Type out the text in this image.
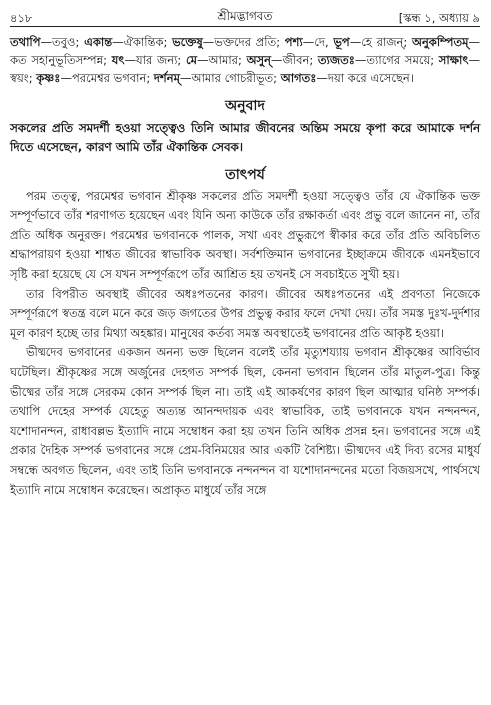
৪১৮	শ্রীমদ্ভাগবত	[স্কন্ধ ১, অধ্যায় ৯
তথাপি—তবুও; একান্ত—ঐকান্তিক; ভক্তেষু—ভক্তদের প্রতি; পশ্য—দে, ভূপ—হে রাজন্; অনুকম্পিতম্—কত সহানুভূতিসম্পন্ন; যৎ—যার জন্য; মে—আমার; অসুন্—জীবন; ত্যজতঃ—ত্যাগের সময়ে; সাক্ষাৎ—স্বয়ং; কৃষ্ণঃ—পরমেশ্বর ভগবান; দর্শনম্—আমার গোচরীভূত; আগতঃ—দয়া করে এসেছেন।
অনুবাদ
সকলের প্রতি সমদর্শী হওয়া সত্ত্বেও তিনি আমার জীবনের অন্তিম সময়ে কৃপা করে আমাকে দর্শন দিতে এসেছেন, কারণ আমি তাঁর ঐকান্তিক সেবক।
তাৎপর্য

পরম তত্ত্ব, পরমেশ্বর ভগবান শ্রীকৃষ্ণ সকলের প্রতি সমদর্শী হওয়া সত্ত্বেও তাঁর যে ঐকান্তিক ভক্ত সম্পূর্ণভাবে তাঁর শরণাগত হয়েছেন এবং যিনি অন্য কাউকে তাঁর রক্ষাকর্তা এবং প্রভু বলে জানেন না, তাঁর প্রতি অধিক অনুরক্ত। পরমেশ্বর ভগবানকে পালক, সখা এবং প্রভুরূপে স্বীকার করে তাঁর প্রতি অবিচলিত শ্রদ্ধাপরায়ণ হওয়া শাশ্বত জীবের স্বাভাবিক অবস্থা। সর্বশক্তিমান ভগবানের ইচ্ছাক্রমে জীবকে এমনইভাবে সৃষ্টি করা হয়েছে যে সে যখন সম্পূর্ণরূপে তাঁর আশ্রিত হয় তখনই সে সবচাইতে সুখী হয়।

তার বিপরীত অবস্থাই জীবের অধঃপতনের কারণ। জীবের অধঃপতনের এই প্রবণতা নিজেকে সম্পূর্ণরূপে স্বতন্ত্র বলে মনে করে জড় জগতের উপর প্রভুত্ব করার ফলে দেখা দেয়। তাঁর সমস্ত দুঃখ-দুর্দশার মূল কারণ হচ্ছে তার মিথ্যা অহঙ্কার। মানুষের কর্তব্য সমস্ত অবস্থাতেই ভগবানের প্রতি আকৃষ্ট হওয়া।

ভীষ্মদেব ভগবানের একজন অনন্য ভক্ত ছিলেন বলেই তাঁর মৃত্যুশয্যায় ভগবান শ্রীকৃষ্ণের আবির্ভাব ঘটেছিল। শ্রীকৃষ্ণের সঙ্গে অর্জুনের দেহগত সম্পর্ক ছিল, কেননা ভগবান ছিলেন তাঁর মাতুল-পুত্র। কিন্তু ভীষ্মের তাঁর সঙ্গে সেরকম কোন সম্পর্ক ছিল না। তাই এই আকর্ষণের কারণ ছিল আত্মার ঘনিষ্ঠ সম্পর্ক। তথাপি দেহের সম্পর্ক যেহেতু অত্যন্ত আনন্দদায়ক এবং স্বাভাবিক, তাই ভগবানকে যখন নন্দনন্দন, যশোদানন্দন, রাধাবল্লভ ইত্যাদি নামে সম্বোধন করা হয় তখন তিনি অধিক প্রসন্ন হন। ভগবানের সঙ্গে এই প্রকার দৈহিক সম্পর্ক ভগবানের সঙ্গে প্রেম-বিনিময়ের আর একটি বৈশিষ্ট্য। ভীষ্মদেব এই দিব্য রসের মাধুর্য সম্বন্ধে অবগত ছিলেন, এবং তাই তিনি ভগবানকে নন্দনন্দন বা যশোদানন্দনের মতো বিজয়সখে, পার্থসখে ইত্যাদি নামে সম্বোধন করেছেন। অপ্রাকৃত মাধুর্যে তাঁর সঙ্গে
